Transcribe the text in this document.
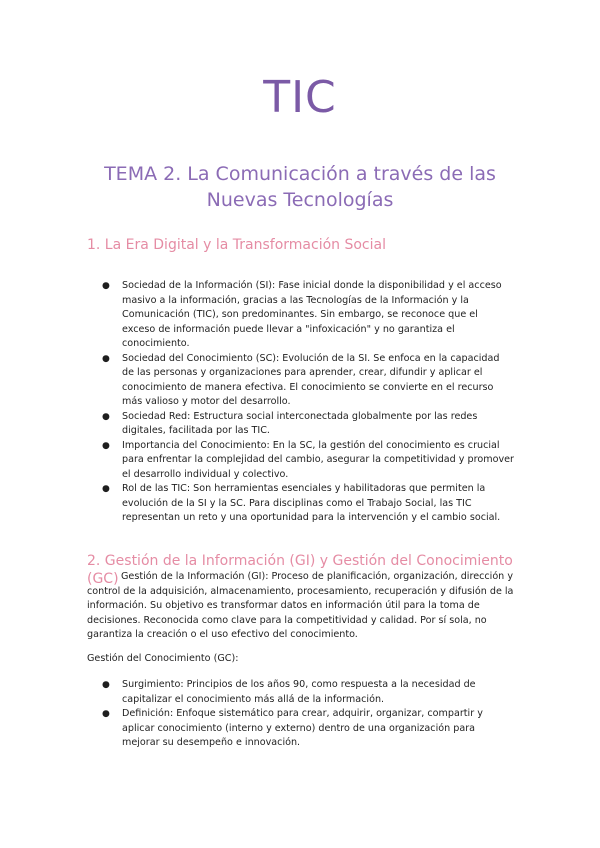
TIC
TEMA 2. La Comunicación a través de las Nuevas Tecnologías
1. La Era Digital y la Transformación Social
● Sociedad de la Información (SI): Fase inicial donde la disponibilidad y el acceso masivo a la información, gracias a las Tecnologías de la Información y la Comunicación (TIC), son predominantes. Sin embargo, se reconoce que el exceso de información puede llevar a "infoxicación" y no garantiza el conocimiento.
● Sociedad del Conocimiento (SC): Evolución de la SI. Se enfoca en la capacidad de las personas y organizaciones para aprender, crear, difundir y aplicar el conocimiento de manera efectiva. El conocimiento se convierte en el recurso más valioso y motor del desarrollo.
● Sociedad Red: Estructura social interconectada globalmente por las redes digitales, facilitada por las TIC.
● Importancia del Conocimiento: En la SC, la gestión del conocimiento es crucial para enfrentar la complejidad del cambio, asegurar la competitividad y promover el desarrollo individual y colectivo.
● Rol de las TIC: Son herramientas esenciales y habilitadoras que permiten la evolución de la SI y la SC. Para disciplinas como el Trabajo Social, las TIC representan un reto y una oportunidad para la intervención y el cambio social.
2. Gestión de la Información (GI) y Gestión del Conocimiento (GC) Gestión de la Información (GI): Proceso de planificación, organización, dirección y control de la adquisición, almacenamiento, procesamiento, recuperación y difusión de la información. Su objetivo es transformar datos en información útil para la toma de decisiones. Reconocida como clave para la competitividad y calidad. Por sí sola, no garantiza la creación o el uso efectivo del conocimiento.
Gestión del Conocimiento (GC):
● Surgimiento: Principios de los años 90, como respuesta a la necesidad de capitalizar el conocimiento más allá de la información.
● Definición: Enfoque sistemático para crear, adquirir, organizar, compartir y aplicar conocimiento (interno y externo) dentro de una organización para mejorar su desempeño e innovación.
